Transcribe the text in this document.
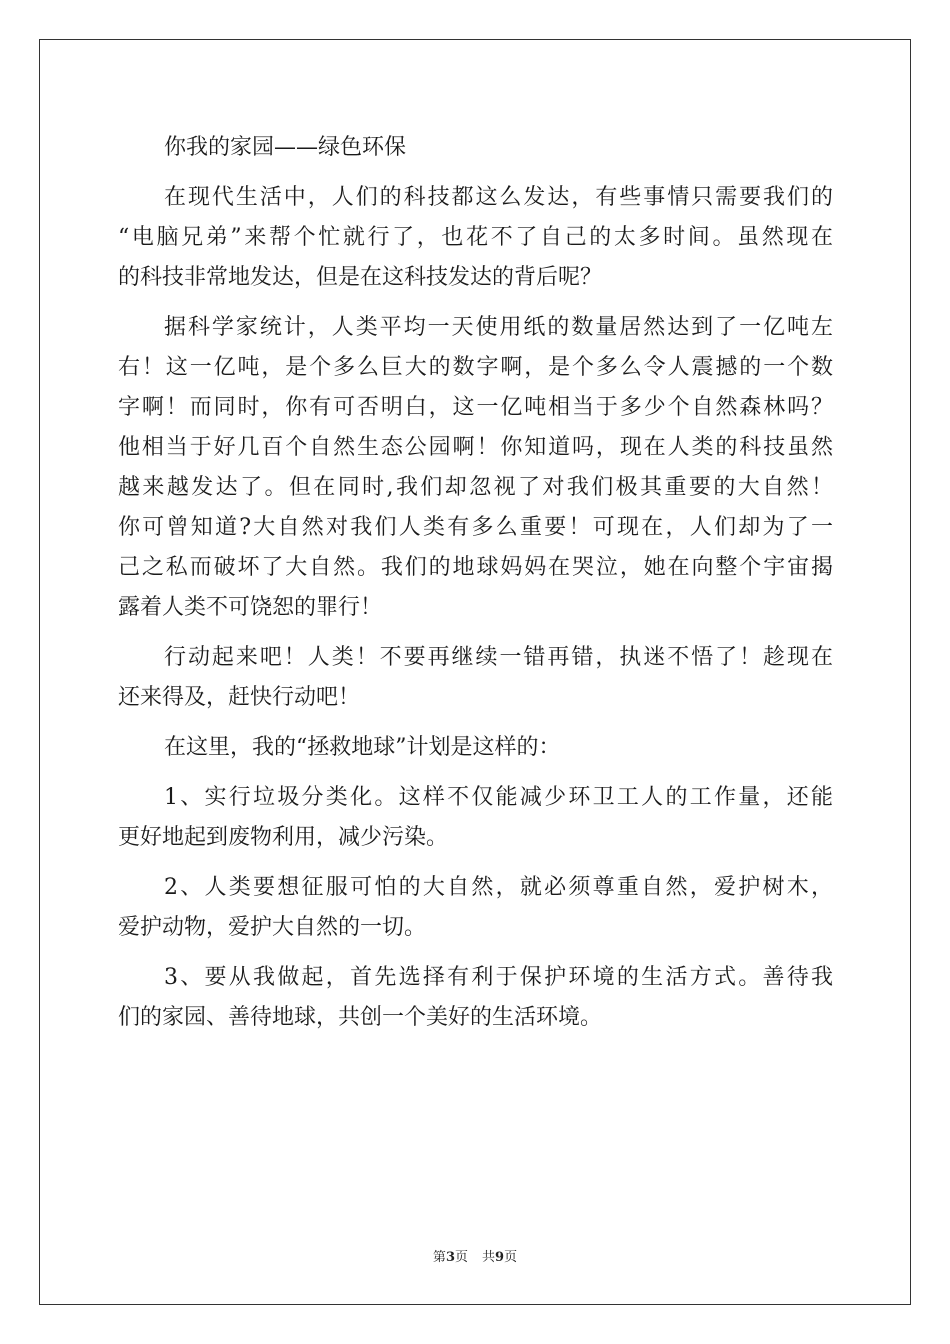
你我的家园——绿色环保
在现代生活中，人们的科技都这么发达，有些事情只需要我们的
“电脑兄弟”来帮个忙就行了，也花不了自己的太多时间。虽然现在
的科技非常地发达，但是在这科技发达的背后呢？
据科学家统计，人类平均一天使用纸的数量居然达到了一亿吨左
右！这一亿吨，是个多么巨大的数字啊，是个多么令人震撼的一个数
字啊！而同时，你有可否明白，这一亿吨相当于多少个自然森林吗？
他相当于好几百个自然生态公园啊！你知道吗，现在人类的科技虽然
越来越发达了。但在同时,我们却忽视了对我们极其重要的大自然！
你可曾知道?大自然对我们人类有多么重要！可现在，人们却为了一
己之私而破坏了大自然。我们的地球妈妈在哭泣，她在向整个宇宙揭
露着人类不可饶恕的罪行！
行动起来吧！人类！不要再继续一错再错，执迷不悟了！趁现在
还来得及，赶快行动吧！
在这里，我的“拯救地球”计划是这样的：
1、实行垃圾分类化。这样不仅能减少环卫工人的工作量，还能
更好地起到废物利用，减少污染。
2、人类要想征服可怕的大自然，就必须尊重自然，爱护树木，
爱护动物，爱护大自然的一切。
3、要从我做起，首先选择有利于保护环境的生活方式。善待我
们的家园、善待地球，共创一个美好的生活环境。
第3页 共9页
